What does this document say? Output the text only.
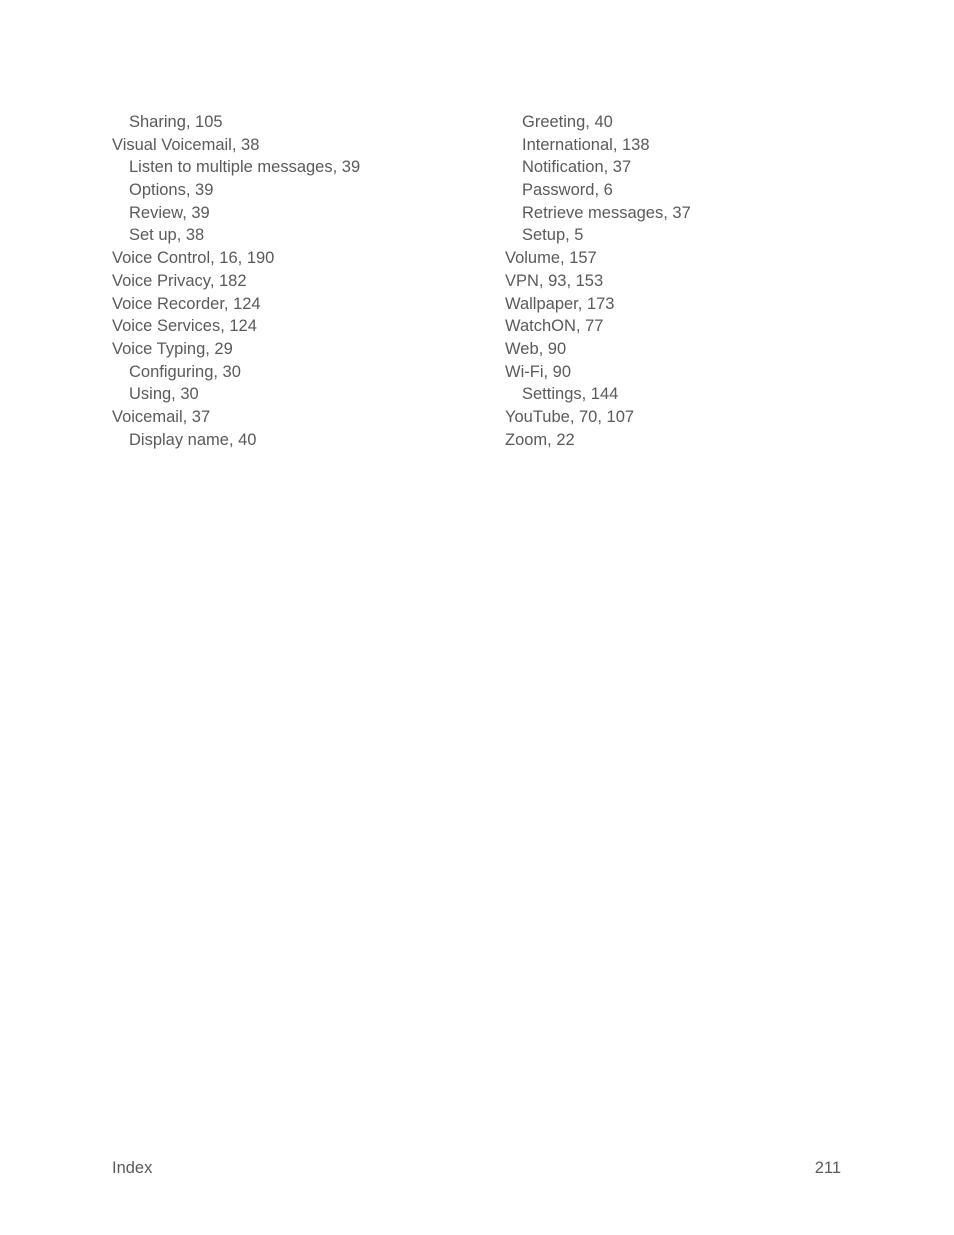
Sharing, 105
Visual Voicemail, 38
Listen to multiple messages, 39
Options, 39
Review, 39
Set up, 38
Voice Control, 16, 190
Voice Privacy, 182
Voice Recorder, 124
Voice Services, 124
Voice Typing, 29
Configuring, 30
Using, 30
Voicemail, 37
Display name, 40
Greeting, 40
International, 138
Notification, 37
Password, 6
Retrieve messages, 37
Setup, 5
Volume, 157
VPN, 93, 153
Wallpaper, 173
WatchON, 77
Web, 90
Wi-Fi, 90
Settings, 144
YouTube, 70, 107
Zoom, 22
Index	211
